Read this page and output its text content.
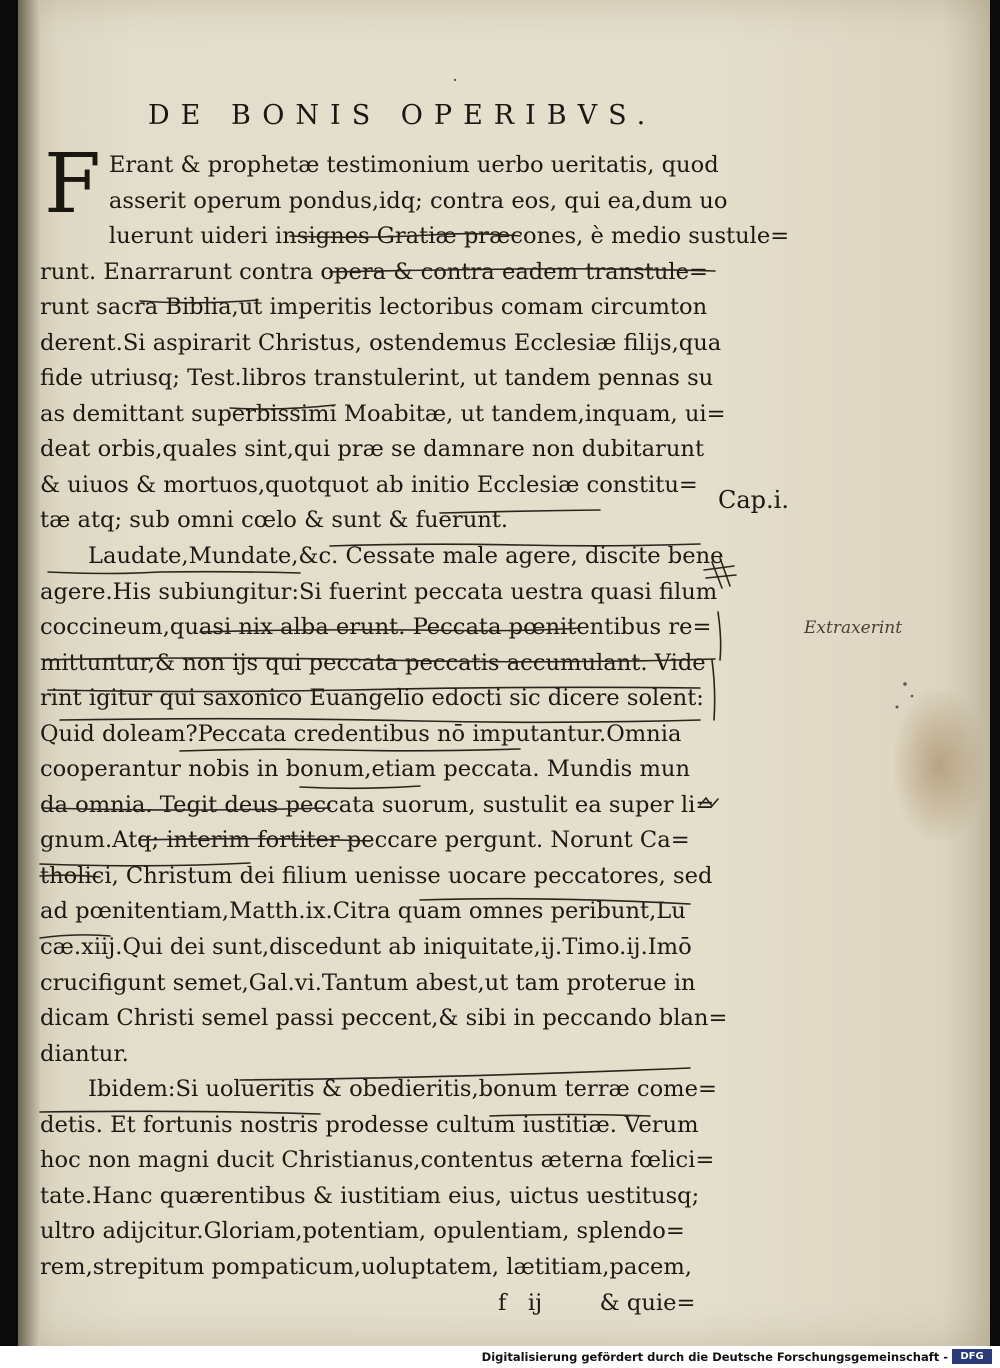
DE BONIS OPERIBVS.
F Erant & prophetæ testimonium uerbo ueritatis, quod
asserit operum pondus,idq; contra eos, qui ea,dum uo
luerunt uideri insignes Gratiæ præcones, è medio sustule=
runt. Enarrarunt contra opera & contra eadem transtule=
runt sacra Biblia,ut imperitis lectoribus comam circumton
derent.Si aspirarit Christus, ostendemus Ecclesiæ filijs,qua
fide utriusq; Test.libros transtulerint, ut tandem pennas su
as demittant superbissimi Moabitæ, ut tandem,inquam, ui=
deat orbis,quales sint,qui præ se damnare non dubitarunt
& uiuos & mortuos,quotquot ab initio Ecclesiæ constitu=
tæ atq; sub omni cœlo & sunt & fuerunt.
Laudate,Mundate,&c. Cessate male agere, discite bene
agere.His subiungitur:Si fuerint peccata uestra quasi filum
coccineum,quasi nix alba erunt. Peccata pœnitentibus re=
mittuntur,& non ijs qui peccata peccatis accumulant. Vide
rint igitur qui saxonico Euangelio edocti sic dicere solent:
Quid doleam?Peccata credentibus nō imputantur.Omnia
cooperantur nobis in bonum,etiam peccata. Mundis mun
da omnia. Tegit deus peccata suorum, sustulit ea super li=
gnum.Atq; interim fortiter peccare pergunt. Norunt Ca=
tholici, Christum dei filium uenisse uocare peccatores, sed
ad pœnitentiam,Matth.ix.Citra quam omnes peribunt,Lu
cæ.xiij.Qui dei sunt,discedunt ab iniquitate,ij.Timo.ij.Imō
crucifigunt semet,Gal.vi.Tantum abest,ut tam proterue in
dicam Christi semel passi peccent,& sibi in peccando blan=
diantur.
Ibidem:Si uolueritis & obedieritis,bonum terræ come=
detis. Et fortunis nostris prodesse cultum iustitiæ. Verum
hoc non magni ducit Christianus,contentus æterna fœlici=
tate.Hanc quærentibus & iustitiam eius, uictus uestitusq;
ultro adijcitur.Gloriam,potentiam, opulentiam, splendo=
rem,strepitum pompaticum,uoluptatem, lætitiam,pacem,
f   ij        & quie=
Cap.i.
Extraxerint
Digitalisierung gefördert durch die Deutsche Forschungsgemeinschaft -	DFG
